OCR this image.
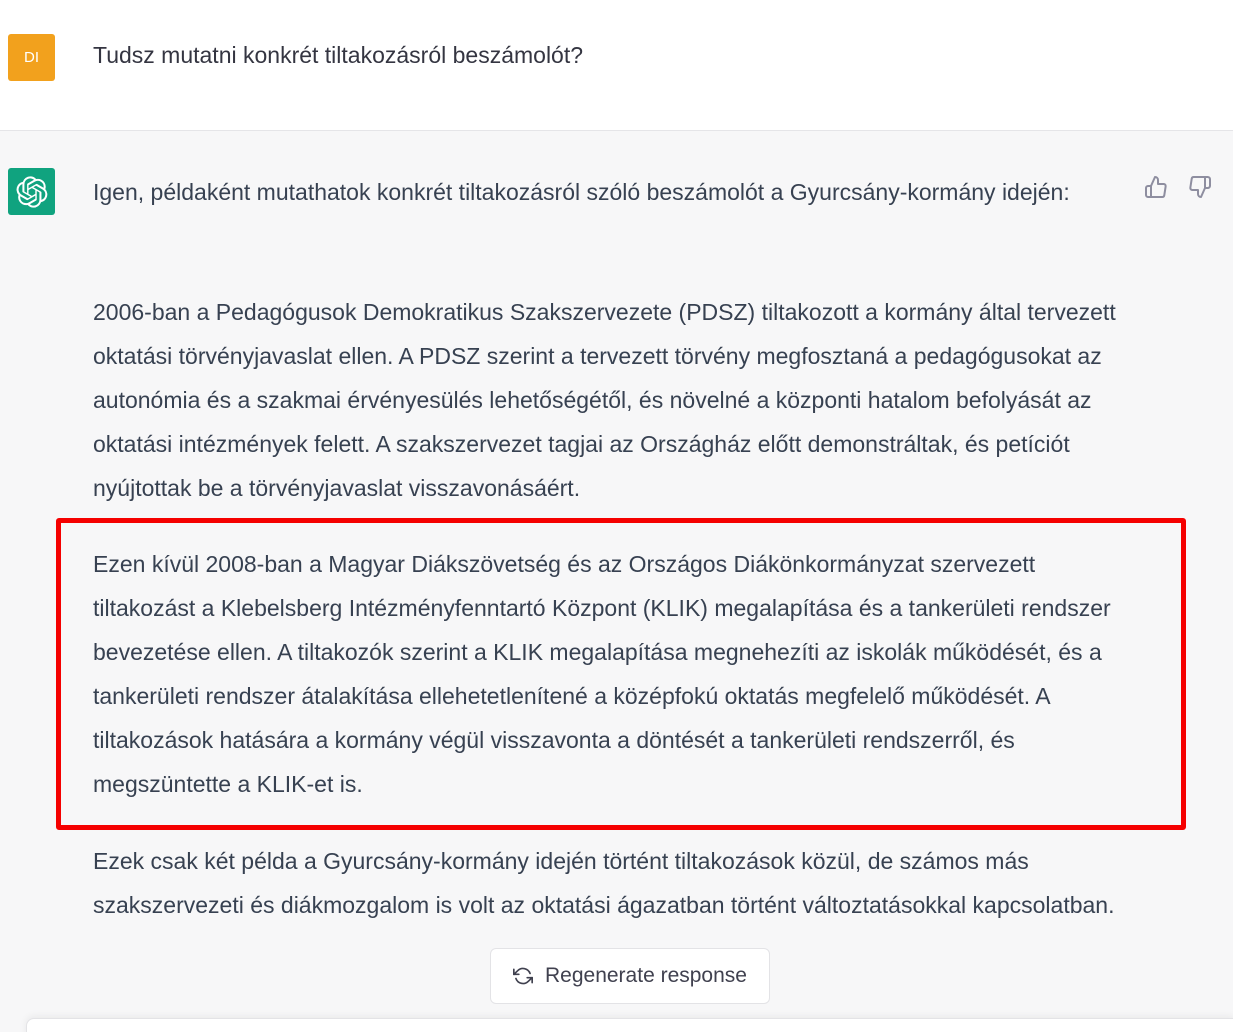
DI Tudsz mutatni konkrét tiltakozásról beszámolót?

Igen, példaként mutathatok konkrét tiltakozásról szóló beszámolót a Gyurcsány-kormány idején:

2006-ban a Pedagógusok Demokratikus Szakszervezete (PDSZ) tiltakozott a kormány által tervezett oktatási törvényjavaslat ellen. A PDSZ szerint a tervezett törvény megfosztaná a pedagógusokat az autonómia és a szakmai érvényesülés lehetőségétől, és növelné a központi hatalom befolyását az oktatási intézmények felett. A szakszervezet tagjai az Országház előtt demonstráltak, és petíciót nyújtottak be a törvényjavaslat visszavonásáért.

Ezen kívül 2008-ban a Magyar Diákszövetség és az Országos Diákönkormányzat szervezett tiltakozást a Klebelsberg Intézményfenntartó Központ (KLIK) megalapítása és a tankerületi rendszer bevezetése ellen. A tiltakozók szerint a KLIK megalapítása megnehezíti az iskolák működését, és a tankerületi rendszer átalakítása ellehetetlenítené a középfokú oktatás megfelelő működését. A tiltakozások hatására a kormány végül visszavonta a döntését a tankerületi rendszerről, és megszüntette a KLIK-et is.

Ezek csak két példa a Gyurcsány-kormány idején történt tiltakozások közül, de számos más szakszervezeti és diákmozgalom is volt az oktatási ágazatban történt változtatásokkal kapcsolatban.

Regenerate response
